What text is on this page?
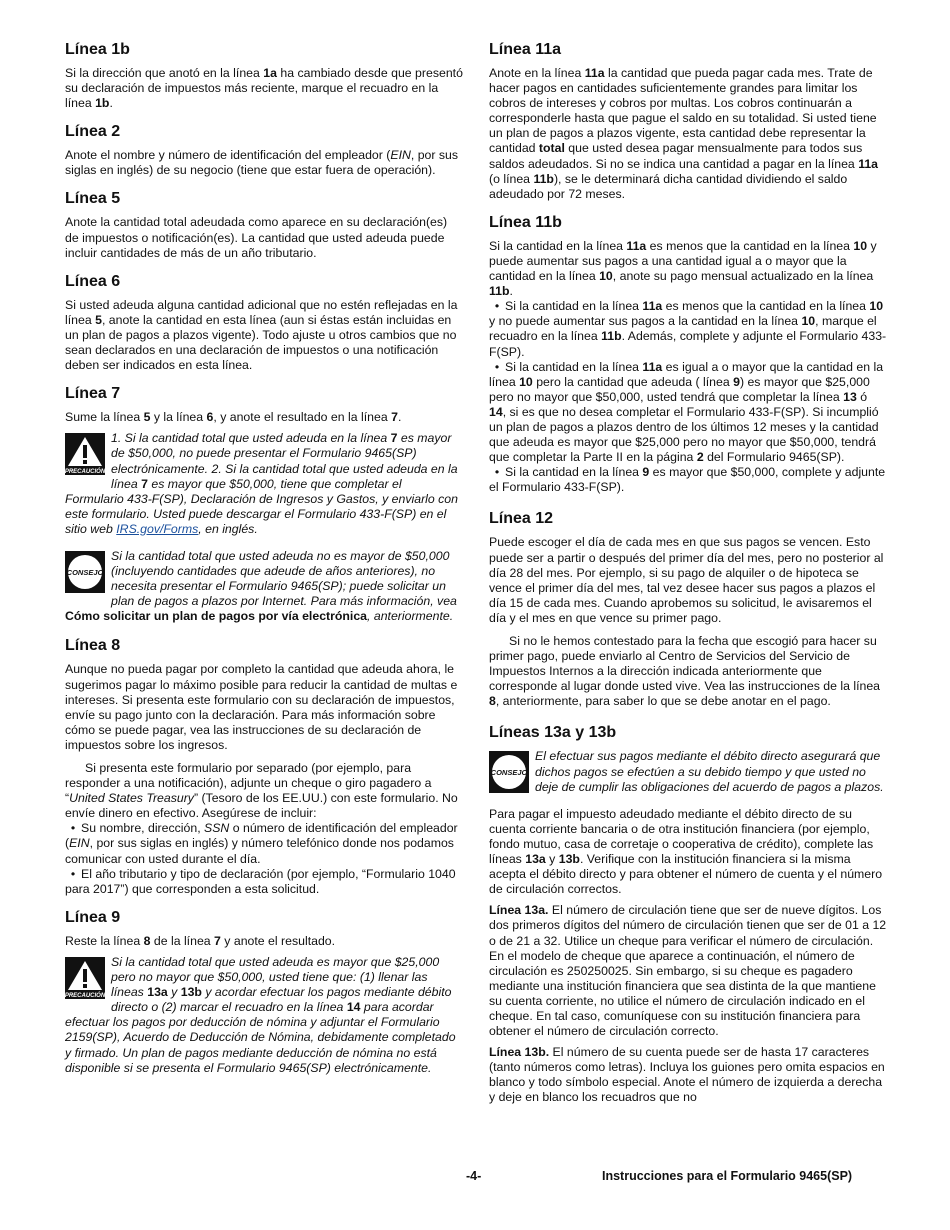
Línea 1b

Si la dirección que anotó en la línea 1a ha cambiado desde que presentó su declaración de impuestos más reciente, marque el recuadro en la línea 1b.

Línea 2

Anote el nombre y número de identificación del empleador (EIN, por sus siglas en inglés) de su negocio (tiene que estar fuera de operación).

Línea 5

Anote la cantidad total adeudada como aparece en su declaración(es) de impuestos o notificación(es). La cantidad que usted adeuda puede incluir cantidades de más de un año tributario.

Línea 6

Si usted adeuda alguna cantidad adicional que no estén reflejadas en la línea 5, anote la cantidad en esta línea (aun si éstas están incluidas en un plan de pagos a plazos vigente). Todo ajuste u otros cambios que no sean declarados en una declaración de impuestos o una notificación deben ser indicados en esta línea.

Línea 7

Sume la línea 5 y la línea 6, y anote el resultado en la línea 7.

PRECAUCIÓN
1. Si la cantidad total que usted adeuda en la línea 7 es mayor de $50,000, no puede presentar el Formulario 9465(SP) electrónicamente. 2. Si la cantidad total que usted adeuda en la línea 7 es mayor que $50,000, tiene que completar el Formulario 433-F(SP), Declaración de Ingresos y Gastos, y enviarlo con este formulario. Usted puede descargar el Formulario 433-F(SP) en el sitio web IRS.gov/Forms, en inglés.
CONSEJO
Si la cantidad total que usted adeuda no es mayor de $50,000 (incluyendo cantidades que adeude de años anteriores), no necesita presentar el Formulario 9465(SP); puede solicitar un plan de pagos a plazos por Internet. Para más información, vea Cómo solicitar un plan de pagos por vía electrónica, anteriormente.
Línea 8

Aunque no pueda pagar por completo la cantidad que adeuda ahora, le sugerimos pagar lo máximo posible para reducir la cantidad de multas e intereses. Si presenta este formulario con su declaración de impuestos, envíe su pago junto con la declaración. Para más información sobre cómo se puede pagar, vea las instrucciones de su declaración de impuestos sobre los ingresos.

Si presenta este formulario por separado (por ejemplo, para responder a una notificación), adjunte un cheque o giro pagadero a “United States Treasury” (Tesoro de los EE.UU.) con este formulario. No envíe dinero en efectivo. Asegúrese de incluir:

• Su nombre, dirección, SSN o número de identificación del empleador (EIN, por sus siglas en inglés) y número telefónico donde nos podamos comunicar con usted durante el día.
• El año tributario y tipo de declaración (por ejemplo, “Formulario 1040 para 2017”) que corresponden a esta solicitud.
Línea 9

Reste la línea 8 de la línea 7 y anote el resultado.

PRECAUCIÓN
Si la cantidad total que usted adeuda es mayor que $25,000 pero no mayor que $50,000, usted tiene que: (1) llenar las líneas 13a y 13b y acordar efectuar los pagos mediante débito directo o (2) marcar el recuadro en la línea 14 para acordar efectuar los pagos por deducción de nómina y adjuntar el Formulario 2159(SP), Acuerdo de Deducción de Nómina, debidamente completado y firmado. Un plan de pagos mediante deducción de nómina no está disponible si se presenta el Formulario 9465(SP) electrónicamente.
Línea 11a

Anote en la línea 11a la cantidad que pueda pagar cada mes. Trate de hacer pagos en cantidades suficientemente grandes para limitar los cobros de intereses y cobros por multas. Los cobros continuarán a corresponderle hasta que pague el saldo en su totalidad. Si usted tiene un plan de pagos a plazos vigente, esta cantidad debe representar la cantidad total que usted desea pagar mensualmente para todos sus saldos adeudados. Si no se indica una cantidad a pagar en la línea 11a (o línea 11b), se le determinará dicha cantidad dividiendo el saldo adeudado por 72 meses.

Línea 11b
Si la cantidad en la línea 11a es menos que la cantidad en la línea 10 y puede aumentar sus pagos a una cantidad igual a o mayor que la cantidad en la línea 10, anote su pago mensual actualizado en la línea 11b.
• Si la cantidad en la línea 11a es menos que la cantidad en la línea 10 y no puede aumentar sus pagos a la cantidad en la línea 10, marque el recuadro en la línea 11b. Además, complete y adjunte el Formulario 433-F(SP).
• Si la cantidad en la línea 11a es igual a o mayor que la cantidad en la línea 10 pero la cantidad que adeuda ( línea 9) es mayor que $25,000 pero no mayor que $50,000, usted tendrá que completar la línea 13 ó 14, si es que no desea completar el Formulario 433-F(SP). Si incumplió un plan de pagos a plazos dentro de los últimos 12 meses y la cantidad que adeuda es mayor que $25,000 pero no mayor que $50,000, tendrá que completar la Parte II en la página 2 del Formulario 9465(SP).
• Si la cantidad en la línea 9 es mayor que $50,000, complete y adjunte el Formulario 433-F(SP).
Línea 12

Puede escoger el día de cada mes en que sus pagos se vencen. Esto puede ser a partir o después del primer día del mes, pero no posterior al día 28 del mes. Por ejemplo, si su pago de alquiler o de hipoteca se vence el primer día del mes, tal vez desee hacer sus pagos a plazos el día 15 de cada mes. Cuando aprobemos su solicitud, le avisaremos el día y el mes en que vence su primer pago.

Si no le hemos contestado para la fecha que escogió para hacer su primer pago, puede enviarlo al Centro de Servicios del Servicio de Impuestos Internos a la dirección indicada anteriormente que corresponde al lugar donde usted vive. Vea las instrucciones de la línea 8, anteriormente, para saber lo que se debe anotar en el pago.

Líneas 13a y 13b
CONSEJO
El efectuar sus pagos mediante el débito directo asegurará que dichos pagos se efectúen a su debido tiempo y que usted no deje de cumplir las obligaciones del acuerdo de pagos a plazos.

Para pagar el impuesto adeudado mediante el débito directo de su cuenta corriente bancaria o de otra institución financiera (por ejemplo, fondo mutuo, casa de corretaje o cooperativa de crédito), complete las líneas 13a y 13b. Verifique con la institución financiera si la misma acepta el débito directo y para obtener el número de cuenta y el número de circulación correctos.

Línea 13a. El número de circulación tiene que ser de nueve dígitos. Los dos primeros dígitos del número de circulación tienen que ser de 01 a 12 o de 21 a 32. Utilice un cheque para verificar el número de circulación. En el modelo de cheque que aparece a continuación, el número de circulación es 250250025. Sin embargo, si su cheque es pagadero mediante una institución financiera que sea distinta de la que mantiene su cuenta corriente, no utilice el número de circulación indicado en el cheque. En tal caso, comuníquese con su institución financiera para obtener el número de circulación correcto.

Línea 13b. El número de su cuenta puede ser de hasta 17 caracteres (tanto números como letras). Incluya los guiones pero omita espacios en blanco y todo símbolo especial. Anote el número de izquierda a derecha y deje en blanco los recuadros que no

-4-	Instrucciones para el Formulario 9465(SP)
